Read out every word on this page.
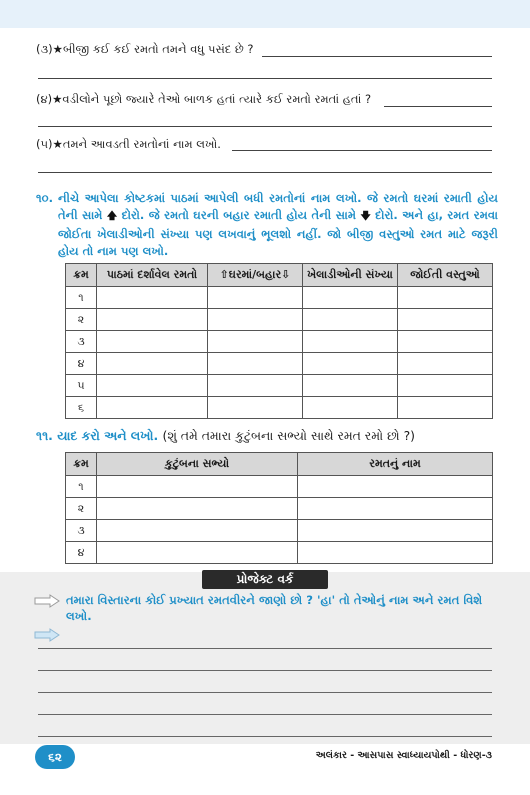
(૩)★બીજી કઈ કઈ રમતો તમને વધુ પસંદ છે ?
(૪)★વડીલોને પૂછો જ્યારે તેઓ બાળક હતાં ત્યારે કઈ રમતો રમતાં હતાં ?
(૫)★તમને આવડતી રમતોનાં નામ લખો.
૧૦. નીચે આપેલા કોષ્ટકમાં પાઠમાં આપેલી બધી રમતોનાં નામ લખો. જે રમતો ઘરમાં રમાતી હોય તેની સામે 🡅 દોરો. જે રમતો ઘરની બહાર રમાતી હોય તેની સામે 🡇 દોરો. અને હા, રમત રમવા જોઈતા ખેલાડીઓની સંખ્યા પણ લખવાનું ભૂલશો નહીં. જો બીજી વસ્તુઓ રમત માટે જરૂરી હોય તો નામ પણ લખો.
ક્રમ	પાઠમાં દર્શાવેલ રમતો	⇧ઘરમાં/બહાર⇩	ખેલાડીઓની સંખ્યા	જોઈતી વસ્તુઓ
૧				
૨				
૩				
૪				
૫				
૬				
૧૧. યાદ કરો અને લખો. (શું તમે તમારા કુટુંબના સભ્યો સાથે રમત રમો છો ?)
ક્રમ	કુટુંબના સભ્યો	રમતનું નામ
૧		
૨		
૩		
૪		
પ્રોજેક્ટ વર્ક
તમારા વિસ્તારના કોઈ પ્રખ્યાત રમતવીરને જાણો છો ? 'હા' તો તેઓનું નામ અને રમત વિશે લખો.
૬૨	અલંકાર - આસપાસ સ્વાધ્યાયપોથી - ધોરણ-૩
